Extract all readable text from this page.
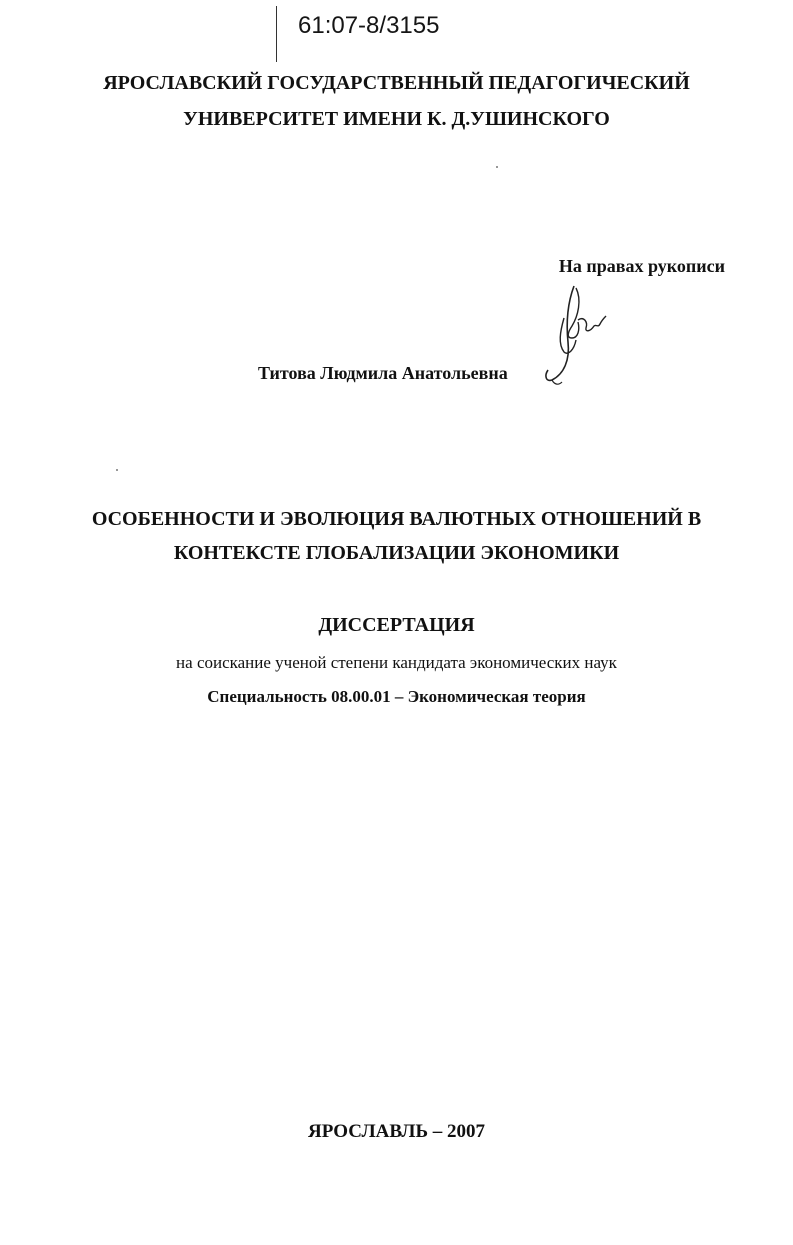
61:07-8/3155
ЯРОСЛАВСКИЙ ГОСУДАРСТВЕННЫЙ ПЕДАГОГИЧЕСКИЙ
УНИВЕРСИТЕТ ИМЕНИ К. Д.УШИНСКОГО
На правах рукописи
Титова Людмила Анатольевна
ОСОБЕННОСТИ И ЭВОЛЮЦИЯ ВАЛЮТНЫХ ОТНОШЕНИЙ В
КОНТЕКСТЕ ГЛОБАЛИЗАЦИИ ЭКОНОМИКИ
ДИССЕРТАЦИЯ
на соискание ученой степени кандидата экономических наук
Специальность 08.00.01 – Экономическая теория
ЯРОСЛАВЛЬ – 2007
